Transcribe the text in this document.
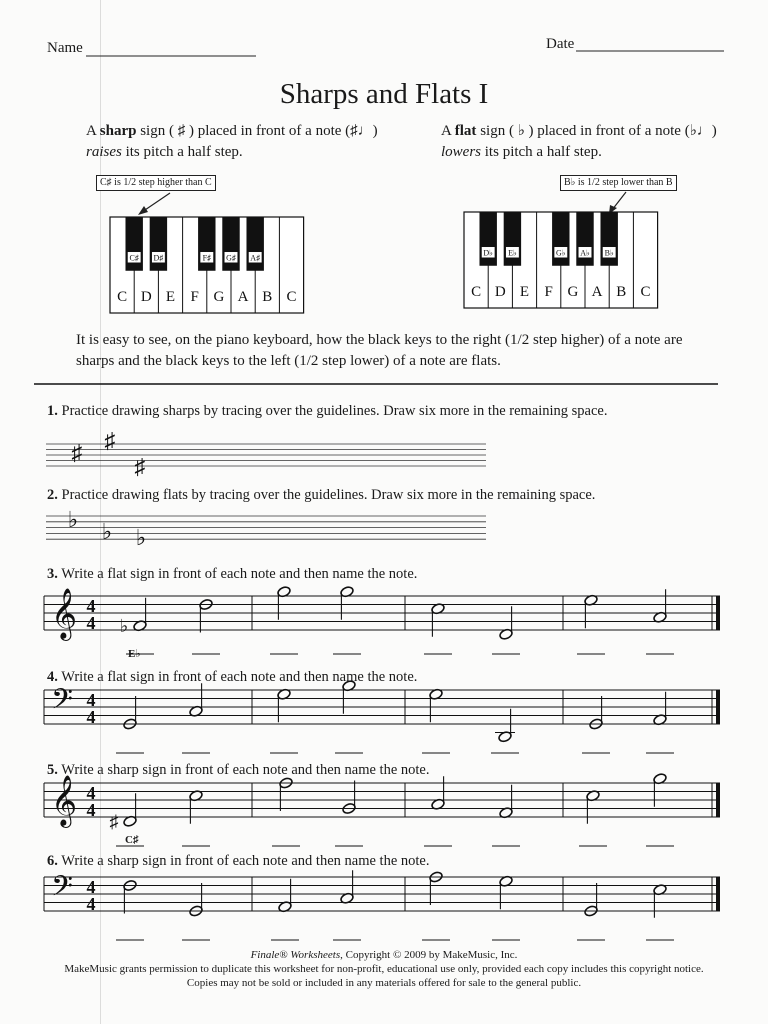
Name	Date
Sharps and Flats I
A sharp sign ( ♯ ) placed in front of a note (♯♩)
raises its pitch a half step.
A flat sign ( ♭ ) placed in front of a note (♭♩)
lowers its pitch a half step.
C♯ is 1/2 step higher than C	B♭ is 1/2 step lower than B
It is easy to see, on the piano keyboard, how the black keys to the right (1/2 step higher) of a note are
sharps and the black keys to the left (1/2 step lower) of a note are flats.
1. Practice drawing sharps by tracing over the guidelines. Draw six more in the remaining space.
2. Practice drawing flats by tracing over the guidelines. Draw six more in the remaining space.
3. Write a flat sign in front of each note and then name the note.
4. Write a flat sign in front of each note and then name the note.
5. Write a sharp sign in front of each note and then name the note.
6. Write a sharp sign in front of each note and then name the note.
E♭
C♯
Finale® Worksheets, Copyright © 2009 by MakeMusic, Inc.
MakeMusic grants permission to duplicate this worksheet for non-profit, educational use only, provided each copy includes this copyright notice.
Copies may not be sold or included in any materials offered for sale to the general public.
C D E F G A B C
C♯ D♯	F♯ G♯ A♯
C D E F G A B C
D♭ E♭	G♭ A♭ B♭
♯ ♯
♯
♭ ♭ ♭
𝄞 4
4 ♭
𝄢 4
4
𝄞 4
4
♯
𝄢 4
4
